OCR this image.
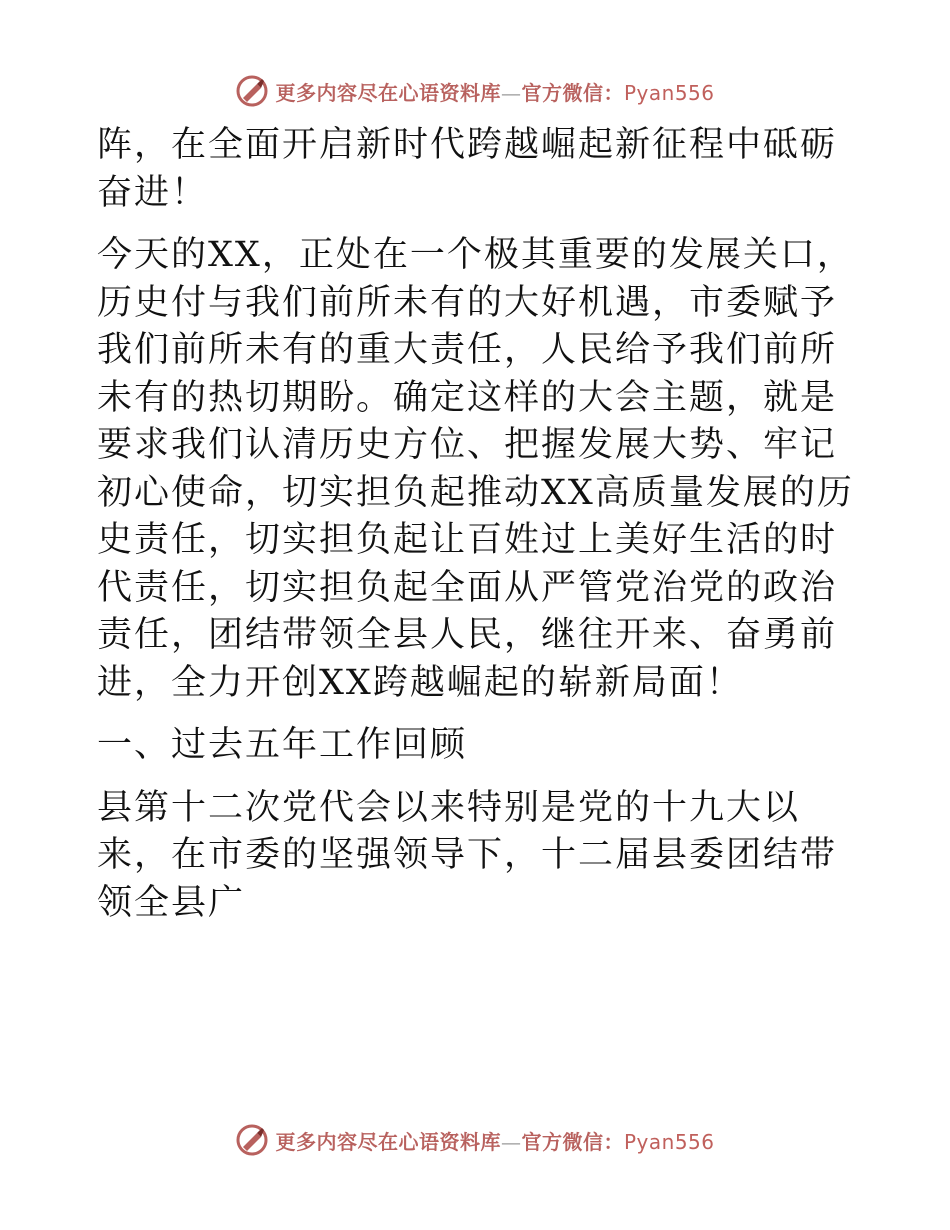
更多内容尽在心语资料库—官方微信：Pyan556

阵，在全面开启新时代跨越崛起新征程中砥砺奋进！

今天的XX，正处在一个极其重要的发展关口，历史付与我们前所未有的大好机遇，市委赋予我们前所未有的重大责任，人民给予我们前所未有的热切期盼。确定这样的大会主题，就是要求我们认清历史方位、把握发展大势、牢记初心使命，切实担负起推动XX高质量发展的历史责任，切实担负起让百姓过上美好生活的时代责任，切实担负起全面从严管党治党的政治责任，团结带领全县人民，继往开来、奋勇前进，全力开创XX跨越崛起的崭新局面！

一、过去五年工作回顾

县第十二次党代会以来特别是党的十九大以来，在市委的坚强领导下，十二届县委团结带领全县广

更多内容尽在心语资料库—官方微信：Pyan556
